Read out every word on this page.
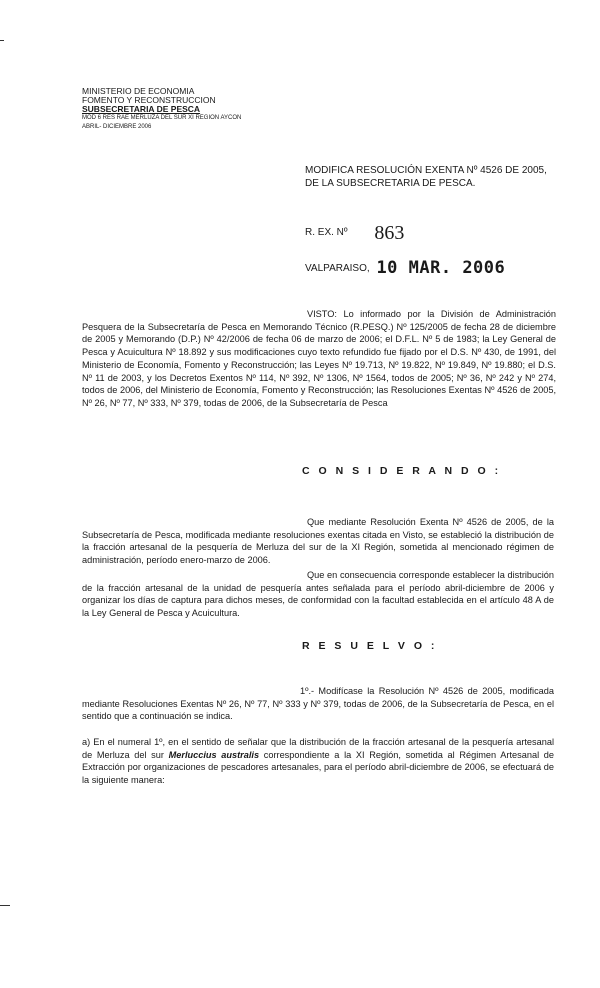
MINISTERIO DE ECONOMIA
FOMENTO Y RECONSTRUCCION
SUBSECRETARIA DE PESCA
MOD 6 RES RAE MERLUZA DEL SUR XI REGION AYCON
ABRIL- DICIEMBRE 2006
MODIFICA RESOLUCIÓN EXENTA Nº 4526 DE 2005, DE LA SUBSECRETARIA DE PESCA.
R. EX. Nº 863
VALPARAISO, 10 MAR. 2006
VISTO: Lo informado por la División de Administración Pesquera de la Subsecretaría de Pesca en Memorando Técnico (R.PESQ.) Nº 125/2005 de fecha 28 de diciembre de 2005 y Memorando (D.P.) Nº 42/2006 de fecha 06 de marzo de 2006; el D.F.L. Nº 5 de 1983; la Ley General de Pesca y Acuicultura Nº 18.892 y sus modificaciones cuyo texto refundido fue fijado por el D.S. Nº 430, de 1991, del Ministerio de Economía, Fomento y Reconstrucción; las Leyes Nº 19.713, Nº 19.822, Nº 19.849, Nº 19.880; el D.S. Nº 11 de 2003, y los Decretos Exentos Nº 114, Nº 392, Nº 1306, Nº 1564, todos de 2005; Nº 36, Nº 242 y Nº 274, todos de 2006, del Ministerio de Economía, Fomento y Reconstrucción; las Resoluciones Exentas Nº 4526 de 2005, Nº 26, Nº 77, Nº 333, Nº 379, todas de 2006, de la Subsecretaría de Pesca
C O N S I D E R A N D O :
Que mediante Resolución Exenta Nº 4526 de 2005, de la Subsecretaría de Pesca, modificada mediante resoluciones exentas citada en Visto, se estableció la distribución de la fracción artesanal de la pesquería de Merluza del sur de la XI Región, sometida al mencionado régimen de administración, período enero-marzo de 2006.
Que en consecuencia corresponde establecer la distribución de la fracción artesanal de la unidad de pesquería antes señalada para el período abril-diciembre de 2006 y organizar los días de captura para dichos meses, de conformidad con la facultad establecida en el artículo 48 A de la Ley General de Pesca y Acuicultura.
R E S U E L V O :
1º.- Modifícase la Resolución Nº 4526 de 2005, modificada mediante Resoluciones Exentas Nº 26, Nº 77, Nº 333 y Nº 379, todas de 2006, de la Subsecretaría de Pesca, en el sentido que a continuación se indica.
a) En el numeral 1º, en el sentido de señalar que la distribución de la fracción artesanal de la pesquería artesanal de Merluza del sur Merluccius australis correspondiente a la XI Región, sometida al Régimen Artesanal de Extracción por organizaciones de pescadores artesanales, para el período abril-diciembre de 2006, se efectuará de la siguiente manera:
